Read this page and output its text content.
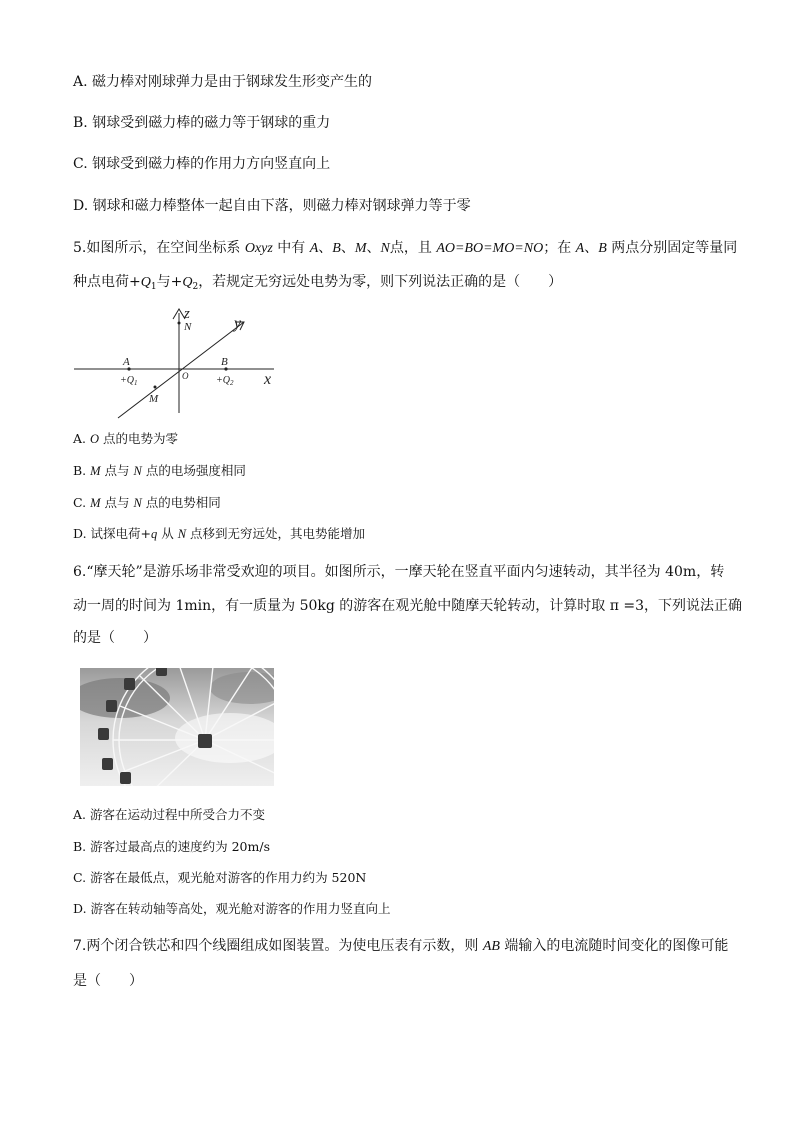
A. 磁力棒对刚球弹力是由于钢球发生形变产生的
B. 钢球受到磁力棒的磁力等于钢球的重力
C. 钢球受到磁力棒的作用力方向竖直向上
D. 钢球和磁力棒整体一起自由下落，则磁力棒对钢球弹力等于零
5.如图所示，在空间坐标系 Oxyz 中有 A、B、M、N点，且 AO=BO=MO=NO；在 A、B 两点分别固定等量同
种点电荷$+Q_1$与$+Q_2$，若规定无穷远处电势为零，则下列说法正确的是（　　）
z
N	y
O	x
M
A	B
$+Q_1$	$+Q_2$
A. O 点的电势为零
B. M 点与 N 点的电场强度相同
C. M 点与 N 点的电势相同
D. 试探电荷+q 从 N 点移到无穷远处，其电势能增加
6.“摩天轮”是游乐场非常受欢迎的项目。如图所示，一摩天轮在竖直平面内匀速转动，其半径为 40m，转
动一周的时间为 1min，有一质量为 50kg 的游客在观光舱中随摩天轮转动，计算时取 π =3，下列说法正确
的是（　　）
A. 游客在运动过程中所受合力不变
B. 游客过最高点的速度约为 20m/s
C. 游客在最低点，观光舱对游客的作用力约为 520N
D. 游客在转动轴等高处，观光舱对游客的作用力竖直向上
7.两个闭合铁芯和四个线圈组成如图装置。为使电压表有示数，则 AB 端输入的电流随时间变化的图像可能
是（　　）
